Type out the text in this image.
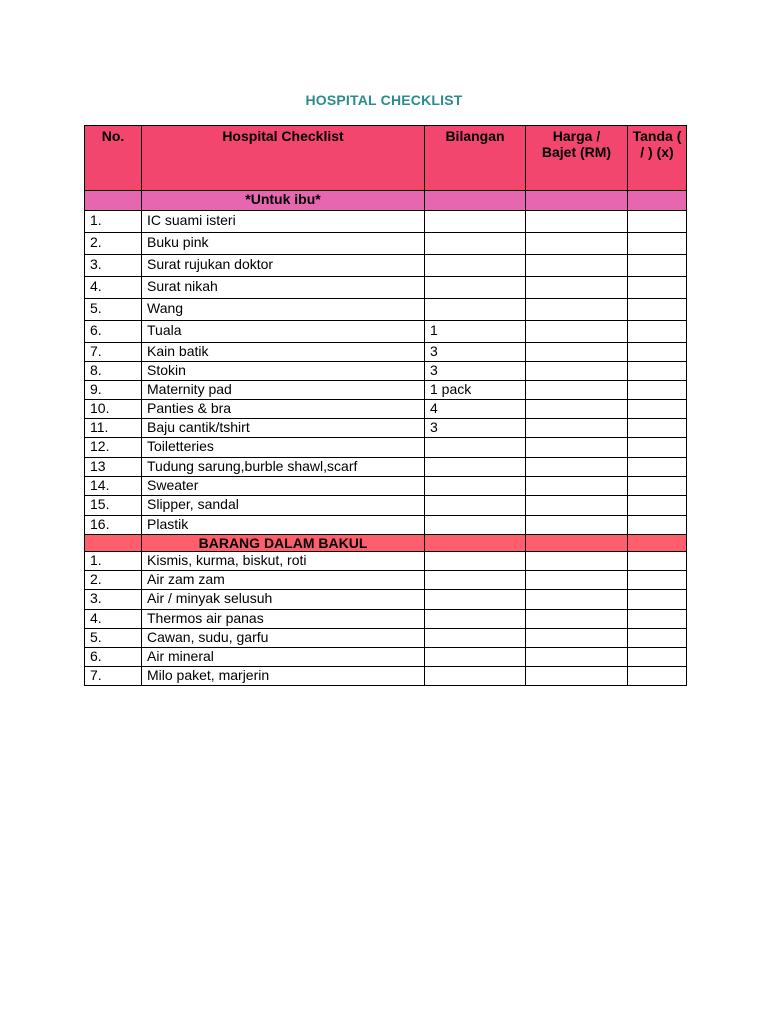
HOSPITAL CHECKLIST
No.	Hospital Checklist	Bilangan	Harga / Bajet (RM)	Tanda ( / ) (x)
	*Untuk ibu*			
1.	IC suami isteri			
2.	Buku pink			
3.	Surat rujukan doktor			
4.	Surat nikah			
5.	Wang			
6.	Tuala	1		
7.	Kain batik	3		
8.	Stokin	3		
9.	Maternity pad	1 pack		
10.	Panties & bra	4		
11.	Baju cantik/tshirt	3		
12.	Toiletteries			
13	Tudung sarung,burble shawl,scarf			
14.	Sweater			
15.	Slipper, sandal			
16.	Plastik			
	BARANG DALAM BAKUL			
1.	Kismis, kurma, biskut, roti			
2.	Air zam zam			
3.	Air / minyak selusuh			
4.	Thermos air panas			
5.	Cawan, sudu, garfu			
6.	Air mineral			
7.	Milo paket, marjerin			
